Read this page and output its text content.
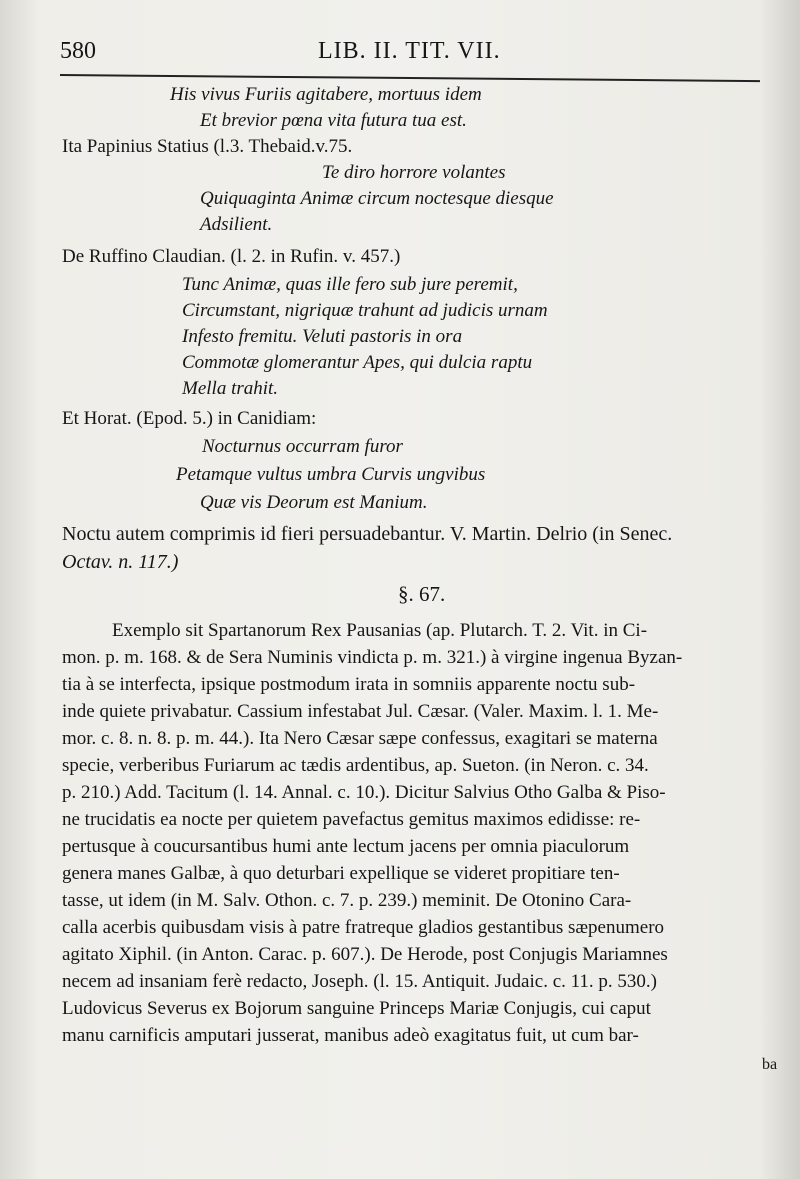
580	LIB. II. TIT. VII.
His vivus Furiis agitabere, mortuus idem
Et brevior pœna vita futura tua est.
Ita Papinius Statius (l.3. Thebaid.v.75.
Te diro horrore volantes
Quiquaginta Animæ circum noctesque diesque
Adsilient.
De Ruffino Claudian. (l. 2. in Rufin. v. 457.)
Tunc Animæ, quas ille fero sub jure peremit,
Circumstant, nigriquæ trahunt ad judicis urnam
Infesto fremitu. Veluti pastoris in ora
Commotæ glomerantur Apes, qui dulcia raptu
Mella trahit.
Et Horat. (Epod. 5.) in Canidiam:
Nocturnus occurram furor
Petamque vultus umbra Curvis ungvibus
Quæ vis Deorum est Manium.
Noctu autem comprimis id fieri persuadebantur. V. Martin. Delrio (in Senec.
Octav. n. 117.)
§. 67.
Exemplo sit Spartanorum Rex Pausanias (ap. Plutarch. T. 2. Vit. in Ci-
mon. p. m. 168. & de Sera Numinis vindicta p. m. 321.) à virgine ingenua Byzan-
tia à se interfecta, ipsique postmodum irata in somniis apparente noctu sub-
inde quiete privabatur. Cassium infestabat Jul. Cæsar. (Valer. Maxim. l. 1. Me-
mor. c. 8. n. 8. p. m. 44.). Ita Nero Cæsar sæpe confessus, exagitari se materna
specie, verberibus Furiarum ac tædis ardentibus, ap. Sueton. (in Neron. c. 34.
p. 210.) Add. Tacitum (l. 14. Annal. c. 10.). Dicitur Salvius Otho Galba & Piso-
ne trucidatis ea nocte per quietem pavefactus gemitus maximos edidisse: re-
pertusque à coucursantibus humi ante lectum jacens per omnia piaculorum
genera manes Galbæ, à quo deturbari expellique se videret propitiare ten-
tasse, ut idem (in M. Salv. Othon. c. 7. p. 239.) meminit. De Otonino Cara-
calla acerbis quibusdam visis à patre fratreque gladios gestantibus sæpenumero
agitato Xiphil. (in Anton. Carac. p. 607.). De Herode, post Conjugis Mariamnes
necem ad insaniam ferè redacto, Joseph. (l. 15. Antiquit. Judaic. c. 11. p. 530.)
Ludovicus Severus ex Bojorum sanguine Princeps Mariæ Conjugis, cui caput
manu carnificis amputari jusserat, manibus adeò exagitatus fuit, ut cum bar-
ba
